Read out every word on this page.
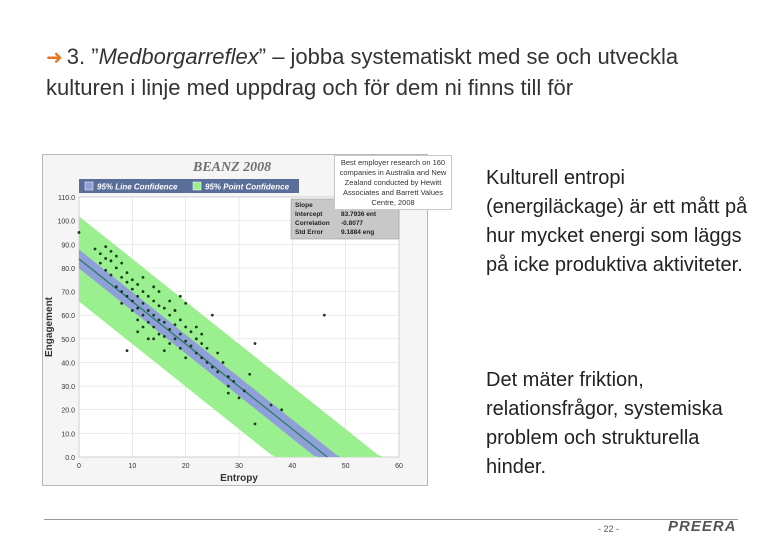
➜ 3. ”Medborgarreflex” – jobba systematiskt med se och utveckla kulturen i linje med uppdrag och för dem ni finns till för
0.0
10.0
20.0
30.0
40.0
50.0
60.0
70.0
80.0
90.0
100.0
110.0
0	10	20	30	40	50	60
Entropy
Engagement
BEANZ 2008
95% Line Confidence	95% Point Confidence
Slope
Intercept	83.7936 ent
Correlation -0.8077
Std Error	9.1884 eng
Best employer research on 160 companies in Australia and New Zealand conducted by Hewitt Associates and Barrett Values Centre, 2008
Kulturell entropi (energiläckage) är ett mått på hur mycket energi som läggs på icke produktiva aktiviteter.
Det mäter friktion, relationsfrågor, systemiska problem och strukturella hinder.
- 22 -	PREERA
